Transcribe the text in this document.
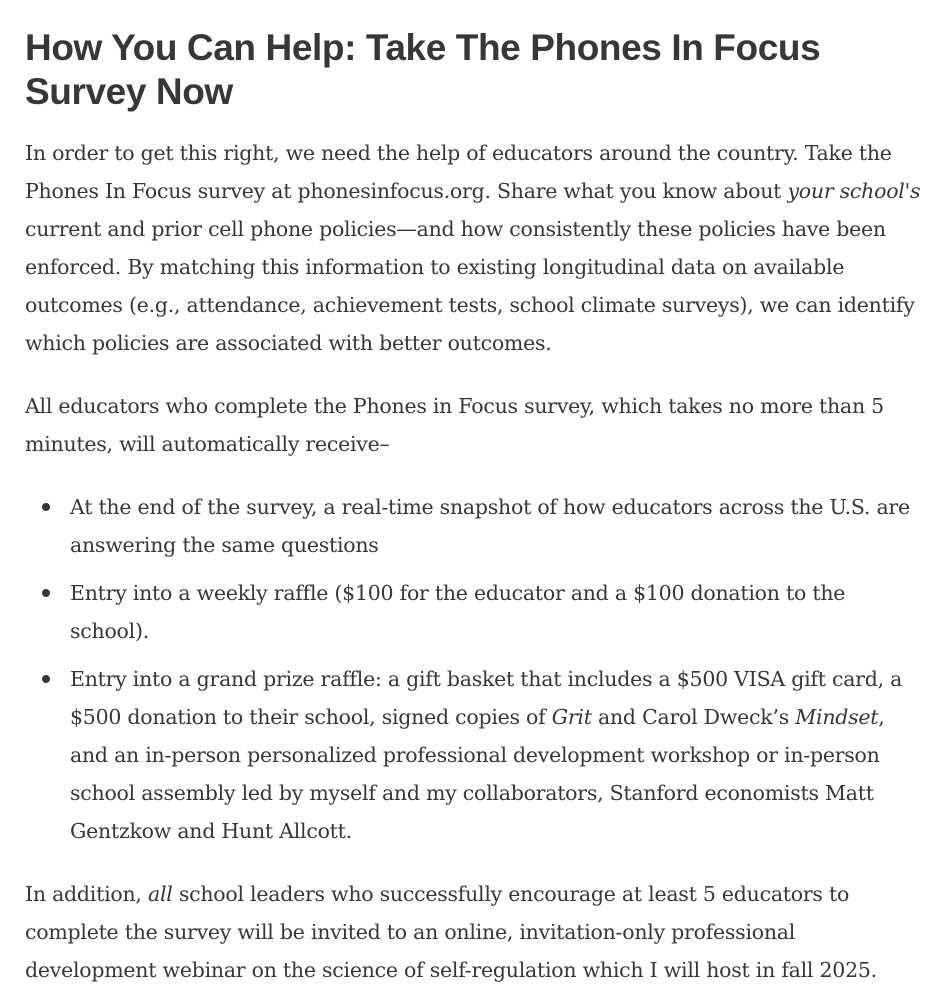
How You Can Help: Take The Phones In Focus Survey Now

In order to get this right, we need the help of educators around the country. Take the Phones In Focus survey at phonesinfocus.org. Share what you know about your school's current and prior cell phone policies—and how consistently these policies have been enforced. By matching this information to existing longitudinal data on available outcomes (e.g., attendance, achievement tests, school climate surveys), we can identify which policies are associated with better outcomes.

All educators who complete the Phones in Focus survey, which takes no more than 5 minutes, will automatically receive–

At the end of the survey, a real-time snapshot of how educators across the U.S. are answering the same questions
Entry into a weekly raffle ($100 for the educator and a $100 donation to the school).
Entry into a grand prize raffle: a gift basket that includes a $500 VISA gift card, a $500 donation to their school, signed copies of Grit and Carol Dweck’s Mindset, and an in-person personalized professional development workshop or in-person school assembly led by myself and my collaborators, Stanford economists Matt Gentzkow and Hunt Allcott.

In addition, all school leaders who successfully encourage at least 5 educators to complete the survey will be invited to an online, invitation-only professional development webinar on the science of self-regulation which I will host in fall 2025.
